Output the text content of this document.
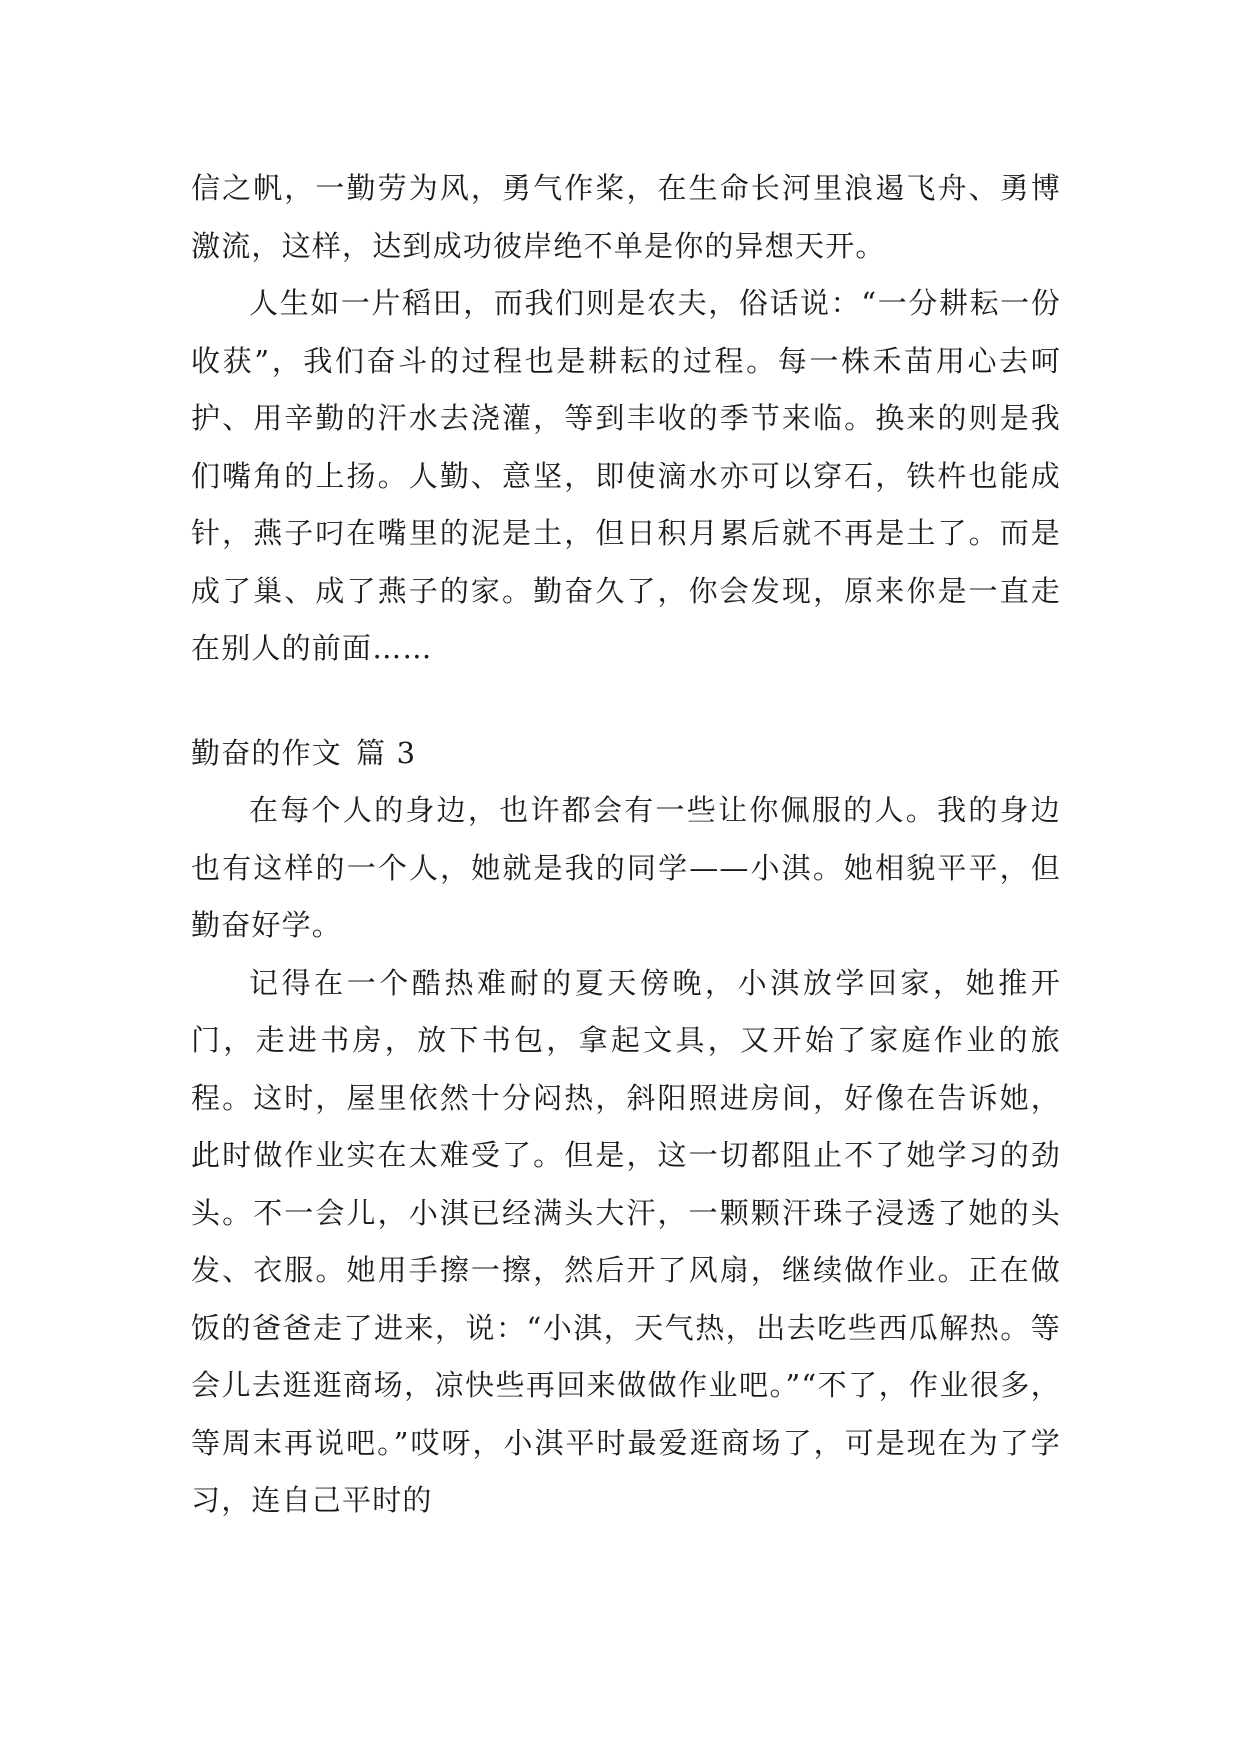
信之帆，一勤劳为风，勇气作桨，在生命长河里浪遏飞舟、勇博激流，这样，达到成功彼岸绝不单是你的异想天开。

人生如一片稻田，而我们则是农夫，俗话说：“一分耕耘一份收获”，我们奋斗的过程也是耕耘的过程。每一株禾苗用心去呵护、用辛勤的汗水去浇灌，等到丰收的季节来临。换来的则是我们嘴角的上扬。人勤、意坚，即使滴水亦可以穿石，铁杵也能成针，燕子叼在嘴里的泥是土，但日积月累后就不再是土了。而是成了巢、成了燕子的家。勤奋久了，你会发现，原来你是一直走在别人的前面……

勤奋的作文 篇 3

在每个人的身边，也许都会有一些让你佩服的人。我的身边也有这样的一个人，她就是我的同学——小淇。她相貌平平，但勤奋好学。

记得在一个酷热难耐的夏天傍晚，小淇放学回家，她推开门，走进书房，放下书包，拿起文具，又开始了家庭作业的旅程。这时，屋里依然十分闷热，斜阳照进房间，好像在告诉她，此时做作业实在太难受了。但是，这一切都阻止不了她学习的劲头。不一会儿，小淇已经满头大汗，一颗颗汗珠子浸透了她的头发、衣服。她用手擦一擦，然后开了风扇，继续做作业。正在做饭的爸爸走了进来，说：“小淇，天气热，出去吃些西瓜解热。等会儿去逛逛商场，凉快些再回来做做作业吧。”“不了，作业很多，等周末再说吧。”哎呀，小淇平时最爱逛商场了，可是现在为了学习，连自己平时的
